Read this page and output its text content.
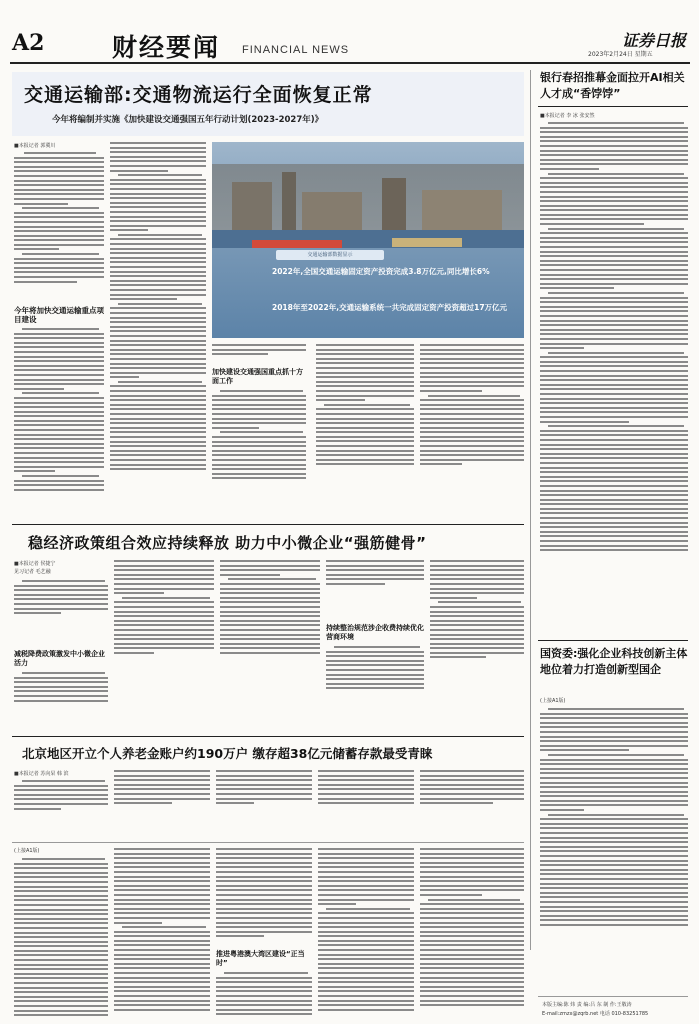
A2	财经要闻 FINANCIAL NEWS	证券日报
2023年2月24日 星期五
交通运输部:交通物流运行全面恢复正常
今年将编制并实施《加快建设交通强国五年行动计划(2023-2027年)》
■本报记者 郭冀川
今年将加快交通运输重点项目建设
交通运输部数据显示
2022年,全国交通运输固定资产投资完成3.8万亿元,同比增长6%
2018年至2022年,交通运输系统一共完成固定资产投资超过17万亿元
加快建设交通强国重点抓十方面工作
银行春招推幕金面拉开AI相关人才成“香饽饽”
■本报记者 李 冰 张安然
稳经济政策组合效应持续释放 助力中小微企业“强筋健骨”
■本报记者 侯捷宁
见习记者 毛艺融
减税降费政策激发中小微企业活力
持续整治规范涉企收费持续优化营商环境
国资委:强化企业科技创新主体地位着力打造创新型国企
(上接A1版)
北京地区开立个人养老金账户约190万户 缴存超38亿元储蓄存款最受青睐
■本报记者 苏向杲 韩 滨
(上接A1版)
推进粤港澳大湾区建设“正当时”
本版主编:陈 炜 责 编:吕 东 制 作:王敬涛
E-mail:zmzx@zqrb.net 电话 010-83251785
